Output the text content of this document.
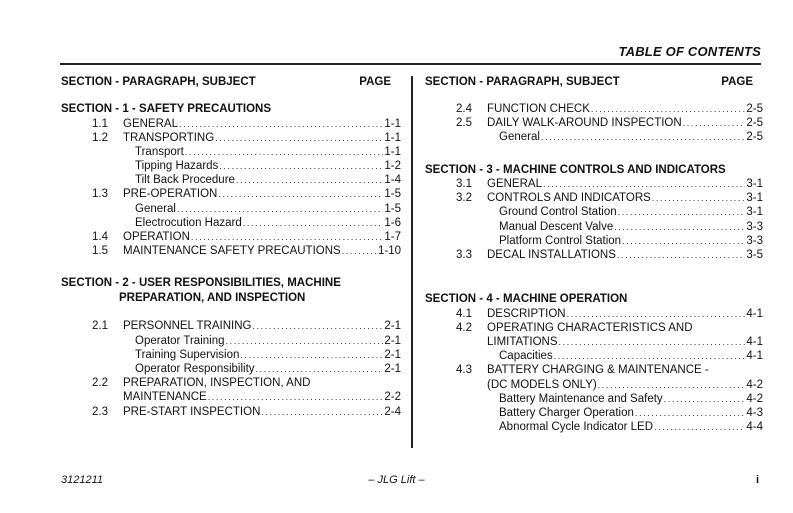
TABLE OF CONTENTS
SECTION - PARAGRAPH, SUBJECT	PAGE
SECTION - 1 - SAFETY PRECAUTIONS
1.1	GENERAL .....	1-1
1.2	TRANSPORTING .....	1-1
Transport .....	1-1
Tipping Hazards .....	1-2
Tilt Back Procedure .....	1-4
1.3	PRE-OPERATION .....	1-5
General .....	1-5
Electrocution Hazard .....	1-6
1.4	OPERATION .....	1-7
1.5	MAINTENANCE SAFETY PRECAUTIONS .....	1-10
SECTION - 2 - USER RESPONSIBILITIES, MACHINE
PREPARATION, AND INSPECTION
2.1	PERSONNEL TRAINING .....	2-1
Operator Training .....	2-1
Training Supervision .....	2-1
Operator Responsibility .....	2-1
2.2	PREPARATION, INSPECTION, AND
MAINTENANCE .....	2-2
2.3	PRE-START INSPECTION .....	2-4
SECTION - PARAGRAPH, SUBJECT	PAGE
2.4	FUNCTION CHECK .....	2-5
2.5	DAILY WALK-AROUND INSPECTION .....	2-5
General .....	2-5
SECTION - 3 - MACHINE CONTROLS AND INDICATORS
3.1	GENERAL .....	3-1
3.2	CONTROLS AND INDICATORS .....	3-1
Ground Control Station .....	3-1
Manual Descent Valve .....	3-3
Platform Control Station .....	3-3
3.3	DECAL INSTALLATIONS .....	3-5
SECTION - 4 - MACHINE OPERATION
4.1	DESCRIPTION .....	4-1
4.2	OPERATING CHARACTERISTICS AND
LIMITATIONS .....	4-1
Capacities .....	4-1
4.3	BATTERY CHARGING & MAINTENANCE -
(DC MODELS ONLY) .....	4-2
Battery Maintenance and Safety .....	4-2
Battery Charger Operation .....	4-3
Abnormal Cycle Indicator LED .....	4-4
3121211	– JLG Lift –	i
